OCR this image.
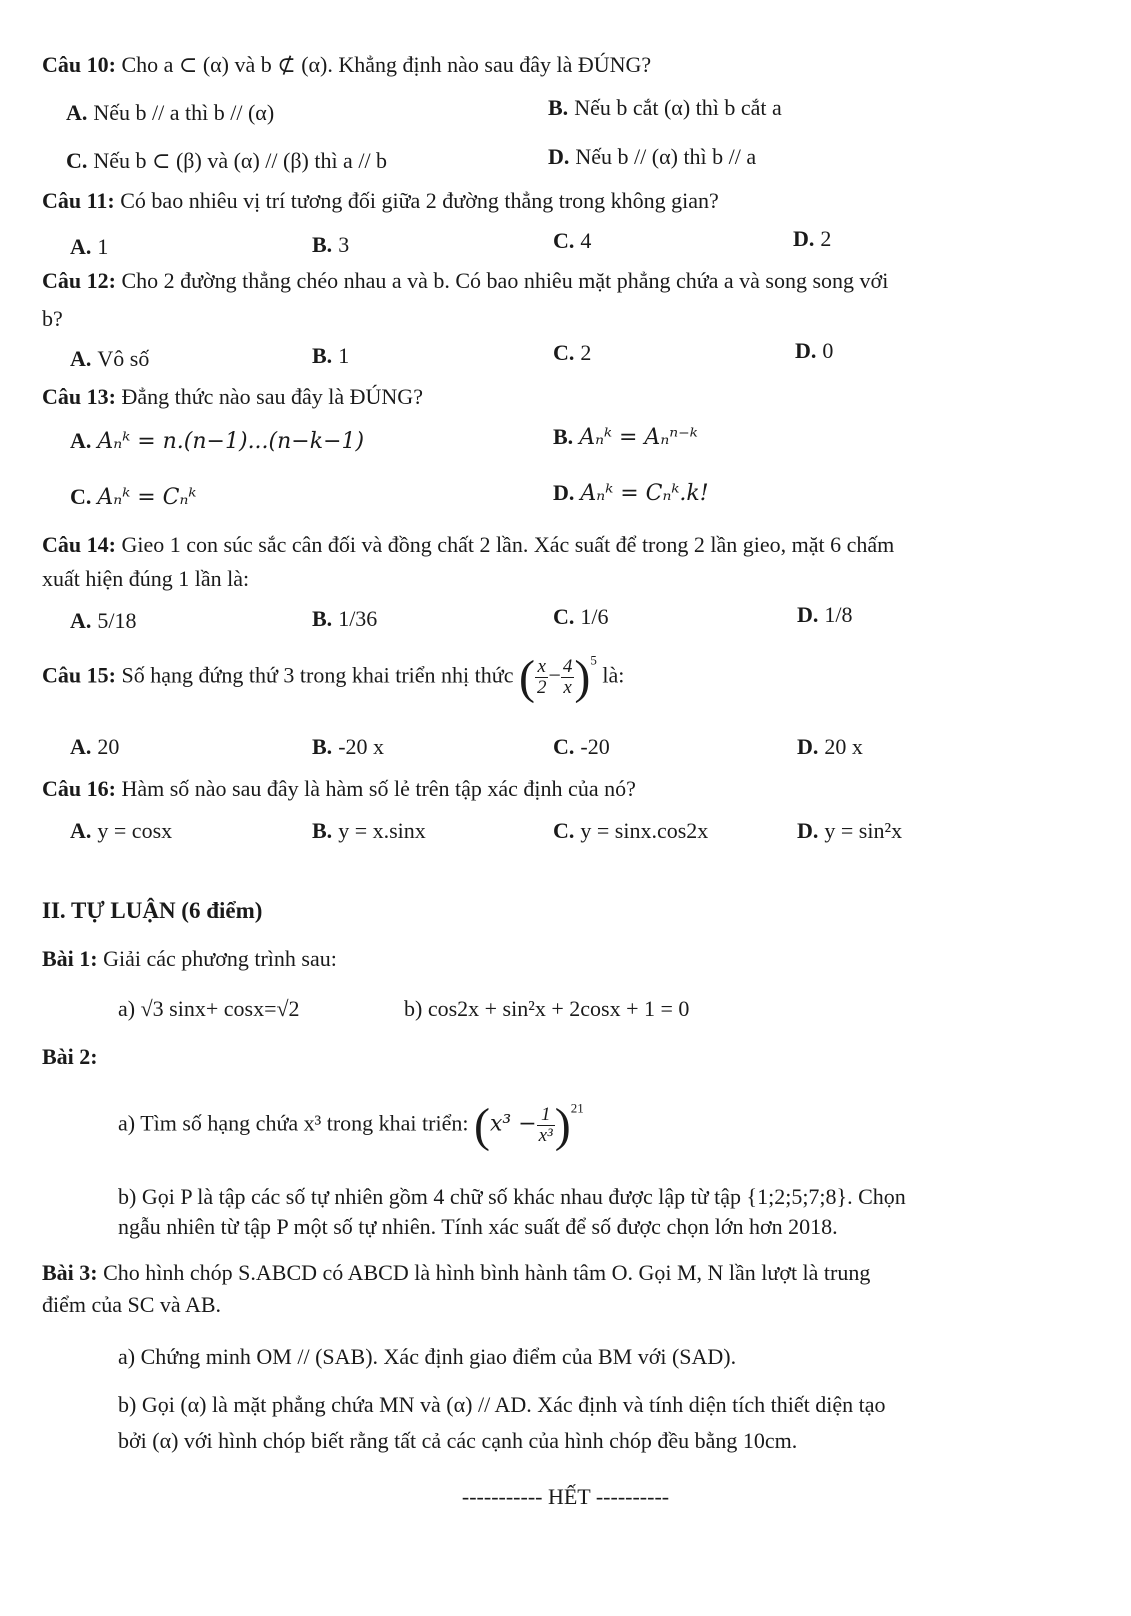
Câu 10: Cho a ⊂ (α) và b ⊄ (α). Khẳng định nào sau đây là ĐÚNG?
A. Nếu b // a thì b // (α)	B. Nếu b cắt (α) thì b cắt a
C. Nếu b ⊂ (β) và (α) // (β) thì a // b	D. Nếu b // (α) thì b // a
Câu 11: Có bao nhiêu vị trí tương đối giữa 2 đường thẳng trong không gian?
A. 1	B. 3	C. 4	D. 2
Câu 12: Cho 2 đường thẳng chéo nhau a và b. Có bao nhiêu mặt phẳng chứa a và song song với
b?
A. Vô số	B. 1	C. 2	D. 0
Câu 13: Đẳng thức nào sau đây là ĐÚNG?
A. Aₙᵏ = n.(n−1)...(n−k−1)	B. Aₙᵏ = Aₙⁿ⁻ᵏ
C. Aₙᵏ = Cₙᵏ	D. Aₙᵏ = Cₙᵏ.k!
Câu 14: Gieo 1 con súc sắc cân đối và đồng chất 2 lần. Xác suất để trong 2 lần gieo, mặt 6 chấm
xuất hiện đúng 1 lần là:
A. 5/18	B. 1/36	C. 1/6	D. 1/8
Câu 15: Số hạng đứng thứ 3 trong khai triển nhị thức ( $\frac{x}{2} - \frac{4}{x} )^5$ là:
A. 20	B. -20 x	C. -20	D. 20 x
Câu 16: Hàm số nào sau đây là hàm số lẻ trên tập xác định của nó?
A. y = cosx	B. y = x.sinx	C. y = sinx.cos2x	D. y = sin²x
II. TỰ LUẬN (6 điểm)
Bài 1: Giải các phương trình sau:
a) √3 sinx+ cosx=√2	b) cos2x + sin²x + 2cosx + 1 = 0
Bài 2:
a) Tìm số hạng chứa x³ trong khai triển: $(x^3 - \frac{1}{\text{x³}} )^{21}$
b) Gọi P là tập các số tự nhiên gồm 4 chữ số khác nhau được lập từ tập {1;2;5;7;8}. Chọn
ngẫu nhiên từ tập P một số tự nhiên. Tính xác suất để số được chọn lớn hơn 2018.
Bài 3: Cho hình chóp S.ABCD có ABCD là hình bình hành tâm O. Gọi M, N lần lượt là trung
điểm của SC và AB.
a) Chứng minh OM // (SAB). Xác định giao điểm của BM với (SAD).
b) Gọi (α) là mặt phẳng chứa MN và (α) // AD. Xác định và tính diện tích thiết diện tạo
bởi (α) với hình chóp biết rằng tất cả các cạnh của hình chóp đều bằng 10cm.
----------- HẾT ----------
